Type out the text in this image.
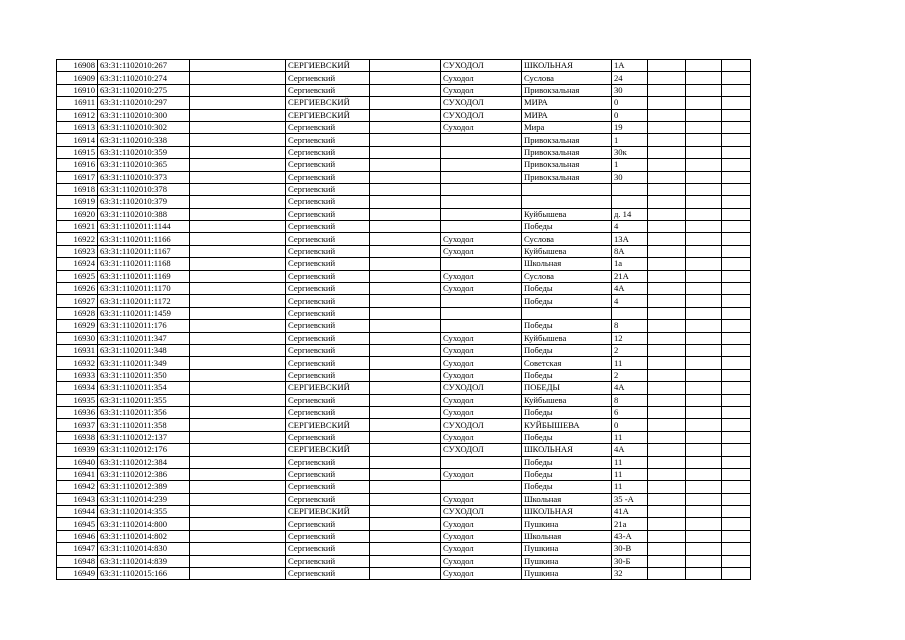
16908	63:31:1102010:267		СЕРГИЕВСКИЙ		СУХОДОЛ	ШКОЛЬНАЯ	1А			
16909	63:31:1102010:274		Сергиевский		Суходол	Суслова	24			
16910	63:31:1102010:275		Сергиевский		Суходол	Привокзальная	30			
16911	63:31:1102010:297		СЕРГИЕВСКИЙ		СУХОДОЛ	МИРА	0			
16912	63:31:1102010:300		СЕРГИЕВСКИЙ		СУХОДОЛ	МИРА	0			
16913	63:31:1102010:302		Сергиевский		Суходол	Мира	19			
16914	63:31:1102010:338		Сергиевский			Привокзальная	1			
16915	63:31:1102010:359		Сергиевский			Привокзальная	30к			
16916	63:31:1102010:365		Сергиевский			Привокзальная	1			
16917	63:31:1102010:373		Сергиевский			Привокзальная	30			
16918	63:31:1102010:378		Сергиевский							
16919	63:31:1102010:379		Сергиевский							
16920	63:31:1102010:388		Сергиевский			Куйбышева	д. 14			
16921	63:31:1102011:1144		Сергиевский			Победы	4			
16922	63:31:1102011:1166		Сергиевский		Суходол	Суслова	13А			
16923	63:31:1102011:1167		Сергиевский		Суходол	Куйбышева	8А			
16924	63:31:1102011:1168		Сергиевский			Школьная	1а			
16925	63:31:1102011:1169		Сергиевский		Суходол	Суслова	21А			
16926	63:31:1102011:1170		Сергиевский		Суходол	Победы	4А			
16927	63:31:1102011:1172		Сергиевский			Победы	4			
16928	63:31:1102011:1459		Сергиевский							
16929	63:31:1102011:176		Сергиевский			Победы	8			
16930	63:31:1102011:347		Сергиевский		Суходол	Куйбышева	12			
16931	63:31:1102011:348		Сергиевский		Суходол	Победы	2			
16932	63:31:1102011:349		Сергиевский		Суходол	Советская	11			
16933	63:31:1102011:350		Сергиевский		Суходол	Победы	2			
16934	63:31:1102011:354		СЕРГИЕВСКИЙ		СУХОДОЛ	ПОБЕДЫ	4А			
16935	63:31:1102011:355		Сергиевский		Суходол	Куйбышева	8			
16936	63:31:1102011:356		Сергиевский		Суходол	Победы	6			
16937	63:31:1102011:358		СЕРГИЕВСКИЙ		СУХОДОЛ	КУЙБЫШЕВА	0			
16938	63:31:1102012:137		Сергиевский		Суходол	Победы	11			
16939	63:31:1102012:176		СЕРГИЕВСКИЙ		СУХОДОЛ	ШКОЛЬНАЯ	4А			
16940	63:31:1102012:384		Сергиевский			Победы	11			
16941	63:31:1102012:386		Сергиевский		Суходол	Победы	11			
16942	63:31:1102012:389		Сергиевский			Победы	11			
16943	63:31:1102014:239		Сергиевский		Суходол	Школьная	35 -А			
16944	63:31:1102014:355		СЕРГИЕВСКИЙ		СУХОДОЛ	ШКОЛЬНАЯ	41А			
16945	63:31:1102014:800		Сергиевский		Суходол	Пушкина	21а			
16946	63:31:1102014:802		Сергиевский		Суходол	Школьная	43-А			
16947	63:31:1102014:830		Сергиевский		Суходол	Пушкина	30-В			
16948	63:31:1102014:839		Сергиевский		Суходол	Пушкина	30-Б			
16949	63:31:1102015:166		Сергиевский		Суходол	Пушкина	32			
